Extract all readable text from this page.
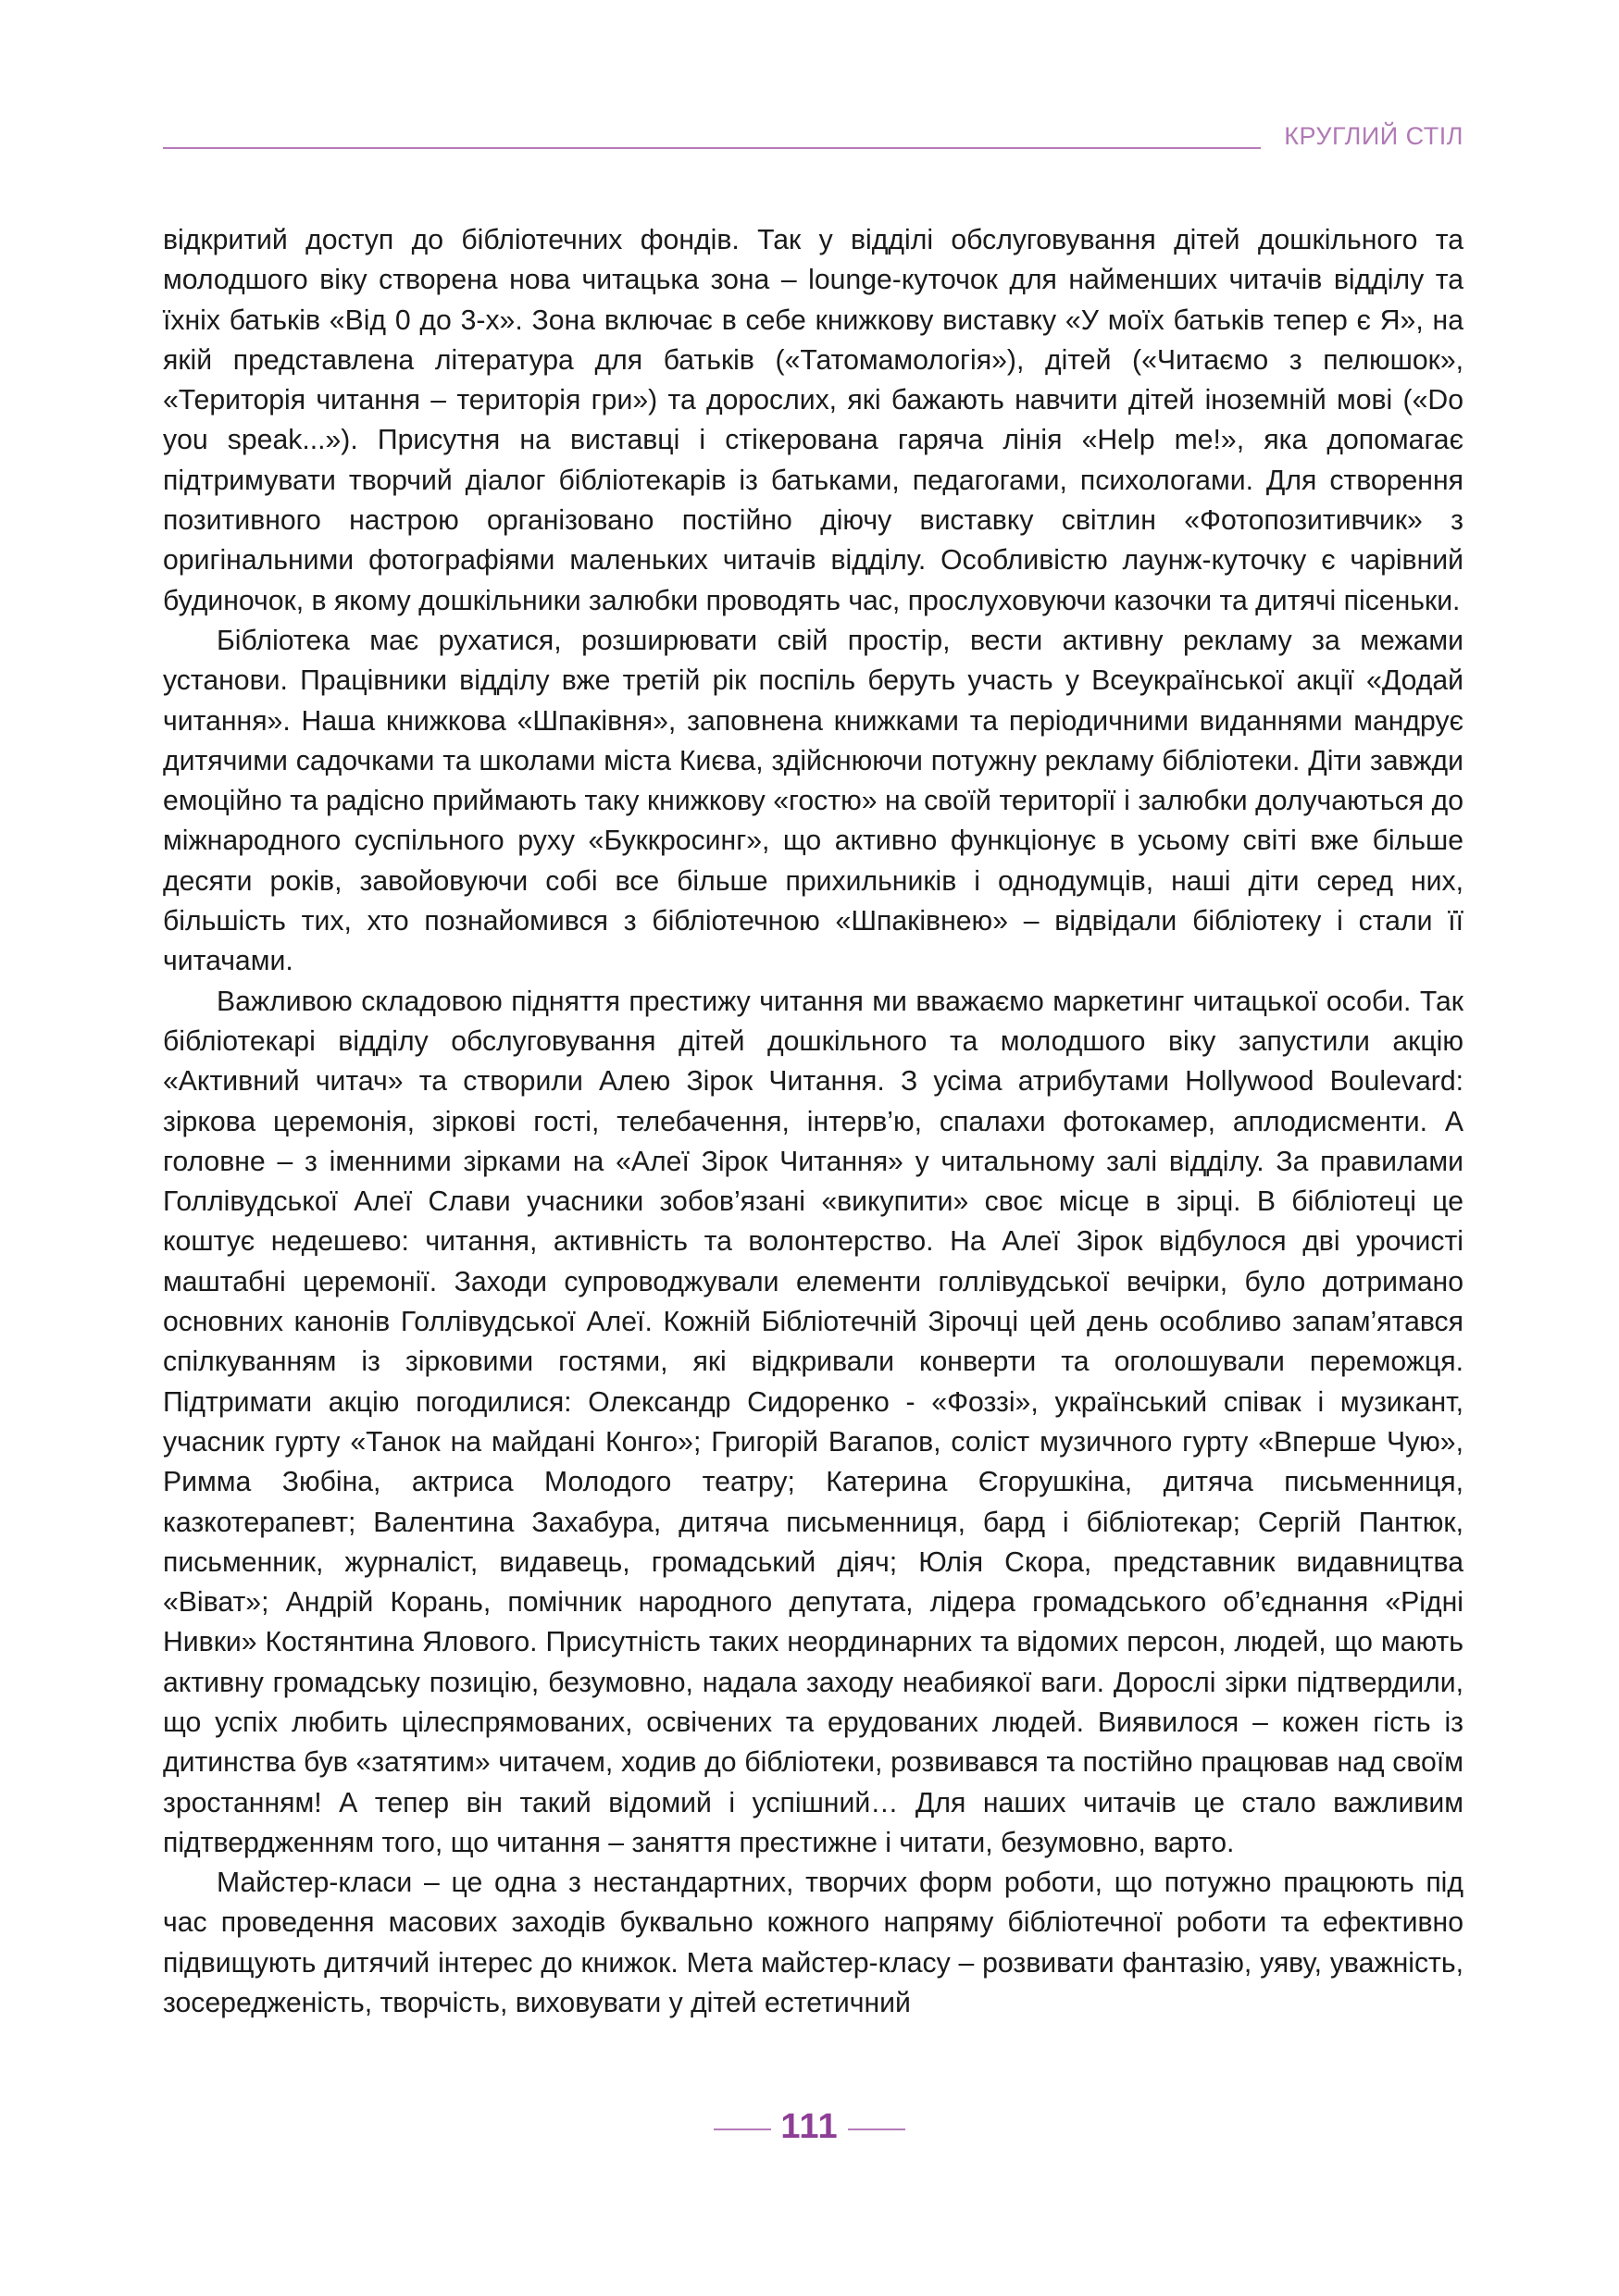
КРУГЛИЙ СТІЛ

відкритий доступ до бібліотечних фондів. Так у відділі обслуговування дітей дошкільного та молодшого віку створена нова читацька зона – lounge-куточок для найменших читачів відділу та їхніх батьків «Від 0 до 3-х». Зона включає в себе книжкову виставку «У моїх батьків тепер є Я», на якій представлена література для батьків («Татомамологія»), дітей («Читаємо з пелюшок», «Територія читання – територія гри») та дорослих, які бажають навчити дітей іноземній мові («Do you speak...»). Присутня на виставці і стікерована гаряча лінія «Help me!», яка допомагає підтримувати творчий діалог бібліотекарів із батьками, педагогами, психологами. Для створення позитивного настрою організовано постійно діючу виставку світлин «Фотопозитивчик» з оригінальними фотографіями маленьких читачів відділу. Особливістю лаунж-куточку є чарівний будиночок, в якому дошкільники залюбки проводять час, прослуховуючи казочки та дитячі пісеньки.

Бібліотека має рухатися, розширювати свій простір, вести активну рекламу за межами установи. Працівники відділу вже третій рік поспіль беруть участь у Всеукраїнської акції «Додай читання». Наша книжкова «Шпаківня», заповнена книжками та періодичними виданнями мандрує дитячими садочками та школами міста Києва, здійснюючи потужну рекламу бібліотеки. Діти завжди емоційно та радісно приймають таку книжкову «гостю» на своїй території і залюбки долучаються до міжнародного суспільного руху «Буккросинг», що активно функціонує в усьому світі вже більше десяти років, завойовуючи собі все більше прихильників і однодумців, наші діти серед них, більшість тих, хто познайомився з бібліотечною «Шпаківнею» – відвідали бібліотеку і стали її читачами.

Важливою складовою підняття престижу читання ми вважаємо маркетинг читацької особи. Так бібліотекарі відділу обслуговування дітей дошкільного та молодшого віку запустили акцію «Активний читач» та створили Алею Зірок Читання. З усіма атрибутами Hollywood Boulevard: зіркова церемонія, зіркові гості, телебачення, інтерв’ю, спалахи фотокамер, аплодисменти. А головне – з іменними зірками на «Алеї Зірок Читання» у читальному залі відділу. За правилами Голлівудської Алеї Слави учасники зобов’язані «викупити» своє місце в зірці. В бібліотеці це коштує недешево: читання, активність та волонтерство. На Алеї Зірок відбулося дві урочисті маштабні церемонії. Заходи супроводжували елементи голлівудської вечірки, було дотримано основних канонів Голлівудської Алеї. Кожній Бібліотечній Зірочці цей день особливо запам’ятався спілкуванням із зірковими гостями, які відкривали конверти та оголошували переможця. Підтримати акцію погодилися: Олександр Сидоренко - «Фоззі», український співак і музикант, учасник гурту «Танок на майдані Конго»; Григорій Вагапов, соліст музичного гурту «Вперше Чую», Римма Зюбіна, актриса Молодого театру; Катерина Єгорушкіна, дитяча письменниця, казкотерапевт; Валентина Захабура, дитяча письменниця, бард і бібліотекар; Сергій Пантюк, письменник, журналіст, видавець, громадський діяч; Юлія Скора, представник видавництва «Віват»; Андрій Корань, помічник народного депутата, лідера громадського об’єднання «Рідні Нивки» Костянтина Ялового. Присутність таких неординарних та відомих персон, людей, що мають активну громадську позицію, безумовно, надала заходу неабиякої ваги. Дорослі зірки підтвердили, що успіх любить цілеспрямованих, освічених та ерудованих людей. Виявилося – кожен гість із дитинства був «затятим» читачем, ходив до бібліотеки, розвивався та постійно працював над своїм зростанням! А тепер він такий відомий і успішний… Для наших читачів це стало важливим підтвердженням того, що читання – заняття престижне і читати, безумовно, варто.

Майстер-класи – це одна з нестандартних, творчих форм роботи, що потужно працюють під час проведення масових заходів буквально кожного напряму бібліотечної роботи та ефективно підвищують дитячий інтерес до книжок. Мета майстер-класу – розвивати фантазію, уяву, уважність, зосередженість, творчість, виховувати у дітей естетичний

111
